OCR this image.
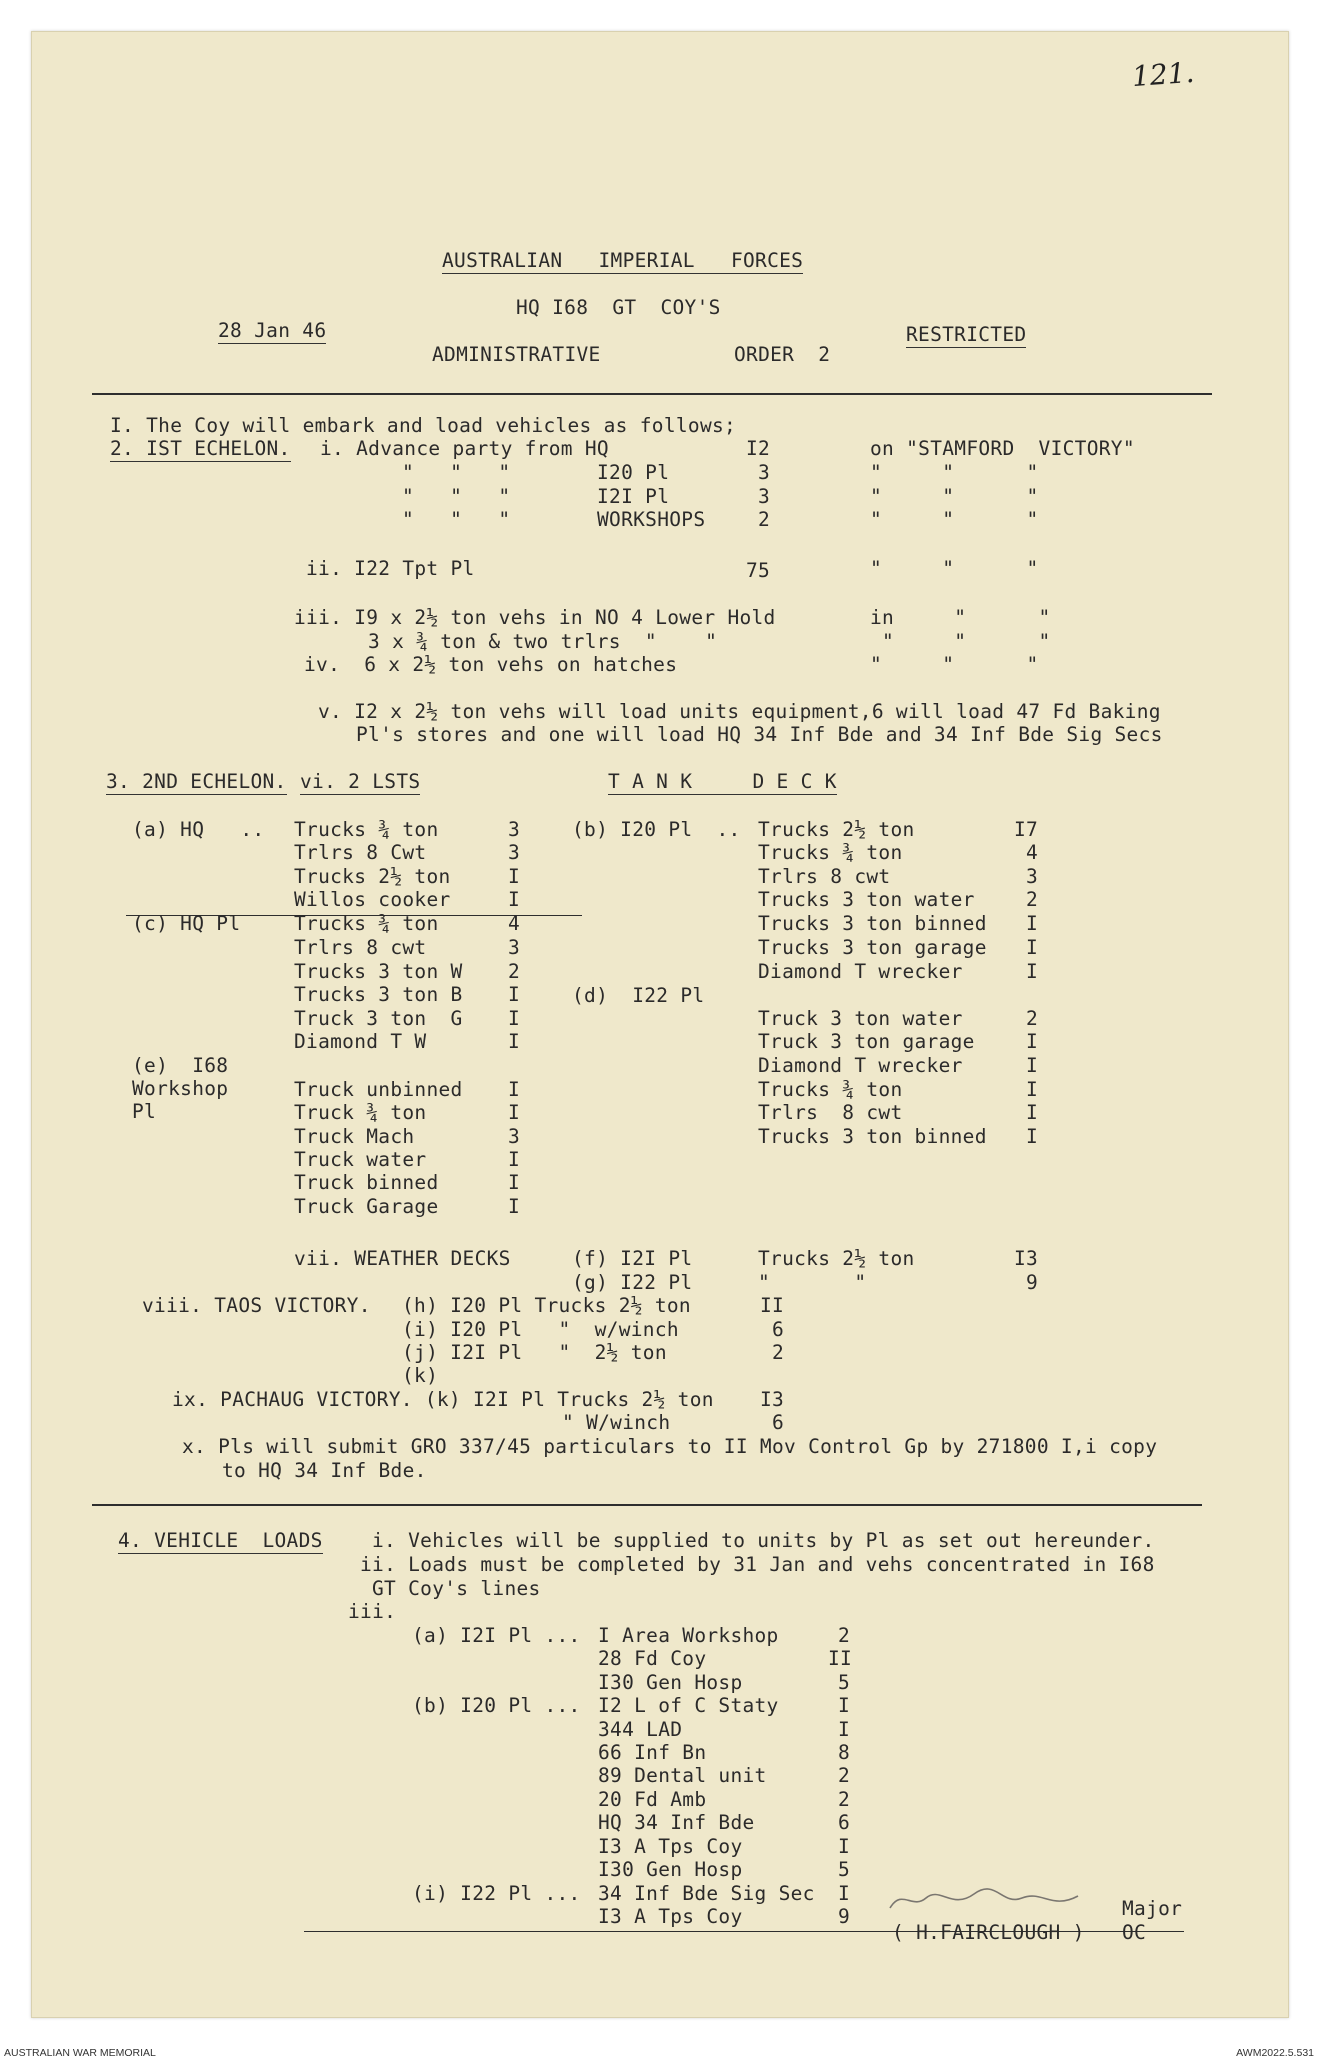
121.
AUSTRALIAN   IMPERIAL   FORCES
HQ I68  GT  COY'S
28 Jan 46	RESTRICTED
ADMINISTRATIVE	ORDER  2
I. The Coy will embark and load vehicles as follows;
2. IST ECHELON. i. Advance party from HQ	I2	on "STAMFORD  VICTORY"
"   "   "	I20 Pl	3	"     "      "
"   "   "	I2I Pl	3	"     "      "
"   "   "	WORKSHOPS	2	"     "      "
ii. I22 Tpt Pl	75	"     "      "
iii. I9 x 2½ ton vehs in NO 4 Lower Hold	in     "      "
3 x ¾ ton & two trlrs  "    "	"     "      "
iv.  6 x 2½ ton vehs on hatches	"     "      "
v. I2 x 2½ ton vehs will load units equipment,6 will load 47 Fd Baking
Pl's stores and one will load HQ 34 Inf Bde and 34 Inf Bde Sig Secs
3. 2ND ECHELON. vi. 2 LSTS	T A N K     D E C K
(a) HQ   .. Trucks ¾ ton	3
Trlrs 8 Cwt	3
Trucks 2½ ton	I
Willos cooker	I
(c) HQ Pl	Trucks ¾ ton	4
Trlrs 8 cwt	3
Trucks 3 ton W 2
Trucks 3 ton B I
Truck 3 ton  G I
Diamond T W	I
(e)  I68
Workshop
Pl
Truck unbinned I
Truck ¾ ton	I
Truck Mach	3
Truck water	I
Truck binned	I
Truck Garage	I
(b) I20 Pl  .. Trucks 2½ ton	I7
Trucks ¾ ton	4
Trlrs 8 cwt	3
Trucks 3 ton water	2
Trucks 3 ton binned I
Trucks 3 ton garage I
Diamond T wrecker	I
(d)  I22 Pl
Truck 3 ton water	2
Truck 3 ton garage	I
Diamond T wrecker	I
Trucks ¾ ton	I
Trlrs  8 cwt	I
Trucks 3 ton binned I
vii. WEATHER DECKS	(f) I2I Pl	Trucks 2½ ton	I3
(g) I22 Pl	"       "	9
viii. TAOS VICTORY. (h) I20 Pl Trucks 2½ ton	II
(i) I20 Pl   "  w/winch	6
(j) I2I Pl   "  2½ ton	2
(k)
ix. PACHAUG VICTORY. (k) I2I Pl Trucks 2½ ton I3
" W/winch	6
x. Pls will submit GRO 337/45 particulars to II Mov Control Gp by 271800 I,i copy
to HQ 34 Inf Bde.
4. VEHICLE  LOADS	i. Vehicles will be supplied to units by Pl as set out hereunder.
ii. Loads must be completed by 31 Jan and vehs concentrated in I68
GT Coy's lines
iii.
(a) I2I Pl ... I Area Workshop	2
28 Fd Coy	II
I30 Gen Hosp	5
(b) I20 Pl ... I2 L of C Staty	I
344 LAD	I
66 Inf Bn	8
89 Dental unit	2
20 Fd Amb	2
HQ 34 Inf Bde	6
I3 A Tps Coy	I
I30 Gen Hosp	5
(i) I22 Pl ... 34 Inf Bde Sig Sec I
I3 A Tps Coy	9	Major
( H.FAIRCLOUGH ) OC
AUSTRALIAN WAR MEMORIAL	AWM2022.5.531
